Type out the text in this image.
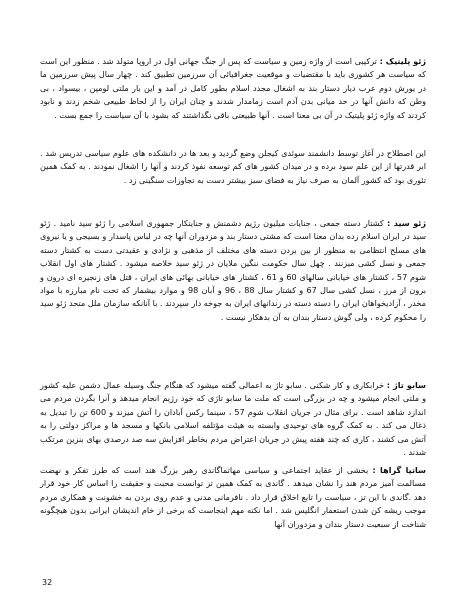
ژئو پلیتیک : ترکیبی است از واژه زمین و سیاست که پس از جنگ جهانی اول در اروپا متولد شد . منظور این است که سیاست هر کشوری باید با مقتضیات و موقعیت جغرافیائی آن سرزمین تطبیق کند . چهار سال پیش سرزمین ما در یورش دوم عرب دیار دستار بند به اشغال مجدد اسلام بطور کامل در آمد و این بار ملتی لومپن ، بیسواد ، بی وطن که دانش آنها در حد میانی بدن آدم است زمامدار شدند و چنان ایران را از لحاظ طبیعی شخم زدند و نابود کردند که واژه ژئو پلیتیک در آن بی معنا است . آنها طبیعتی باقی نگذاشتند که بشود با آن سیاست را جمع بست .

این اصطلاح در آغاز توسط دانشمند سوئدی کیجلن وضع گردید و بعد ها در دانشکده های علوم سیاسی تدریس شد . ابر قدرتها از این علم سود برده و در میدان کشور های کم توسعه نفوذ کردند و آنها را اشغال نمودند . به کمک همین تئوری بود که کشور آلمان به صرف نیاز به فضای سبز بیشتر دست به تجاوزات سنگینی زد .

ژئو سید : کشتار دسته جمعی ، جنایات میلیون رژیم دشمنش و جنایتکار جمهوری اسلامی را ژئو سید نامید . ژئو سید در ایران اسلام زده بدان معنا است که مشتی دستار بند و مزدوران آنها چه در لباس پاسدار و بسیجی و یا نیروی های مسلح انتظامی به منظور از بین بردن دسته های مختلف از مذهبی و نژادی و عقیدتی دست به کشتار دسته جمعی و نسل کشی میزنند . چهل سال حکومت ننگین ملایان در ژئو سید خلاصه میشود . کشتار های اول انقلاب شوم 57 ، کشتار های خیابانی سالهای 60 و 61 ، کشتار های خیابانی بهائی های ایران ، قتل های زنجیره ای درون و برون از مرز ، نسل کشی سال 67 و کشتار سال 88 ، 96 و آبان 98 و موارد بیشمار که تحت نام مبارزه با مواد مخدر ، آزادیخواهان ایران را دسته دسته در زندانهای ایران به جوخه دار سپردند . با آنانکه سازمان ملل متحد ژئو سید را محکوم کرده ، ولی گوش دستار بندان به آن بدهکار نیست .

سابو تاژ : خرابکاری و کار شکنی . سابو تاژ به اعمالی گفته میشود که هنگام جنگ وسیله عمال دشمن علیه کشور و ملتی انجام میشود و چه در بزرگی است که ملت ما سابو تاژی که خود رژیم انجام میدهد و آنرا بگردن مردم می اندازد شاهد است . برای مثال در جریان انقلاب شوم 57 ، سینما رکس آبادان را آتش میزند و 600 تن را تبدیل به ذغال می کند . به کمک گروه های توحیدی وابسته به هیئت مؤتلفه اسلامی بانکها و مسجد ها و مراکز دولتی را به آتش می کشند ، کاری که چند هفته پیش در جریان اعتراض مردم بخاطر افزایش سه صد درصدی بهای بنزین مرتکب شدند .

ساتیا گراها : بخشی از عقاید اجتماعی و سیاسی مهاتماگاندی رهبر بزرگ هند است که طرز تفکر و نهضت مسالمت آمیز مردم هند را نشان میدهد . گاندی به کمک همین تز توانست محبت و حقیقت را اساس کار خود قرار دهد .گاندی با این تز ، سیاست را تابع اخلاق قرار داد . نافرمانی مدنی و عدم روی بردن به خشونت و همکاری مردم موجب ریشه کن شدن استعمار انگلیس شد . اما نکته مهم اینجاست که برخی از خام اندیشان ایرانی بدون هیچگونه شناخت از سبعیت دستار بندان و مزدوران آنها

32
